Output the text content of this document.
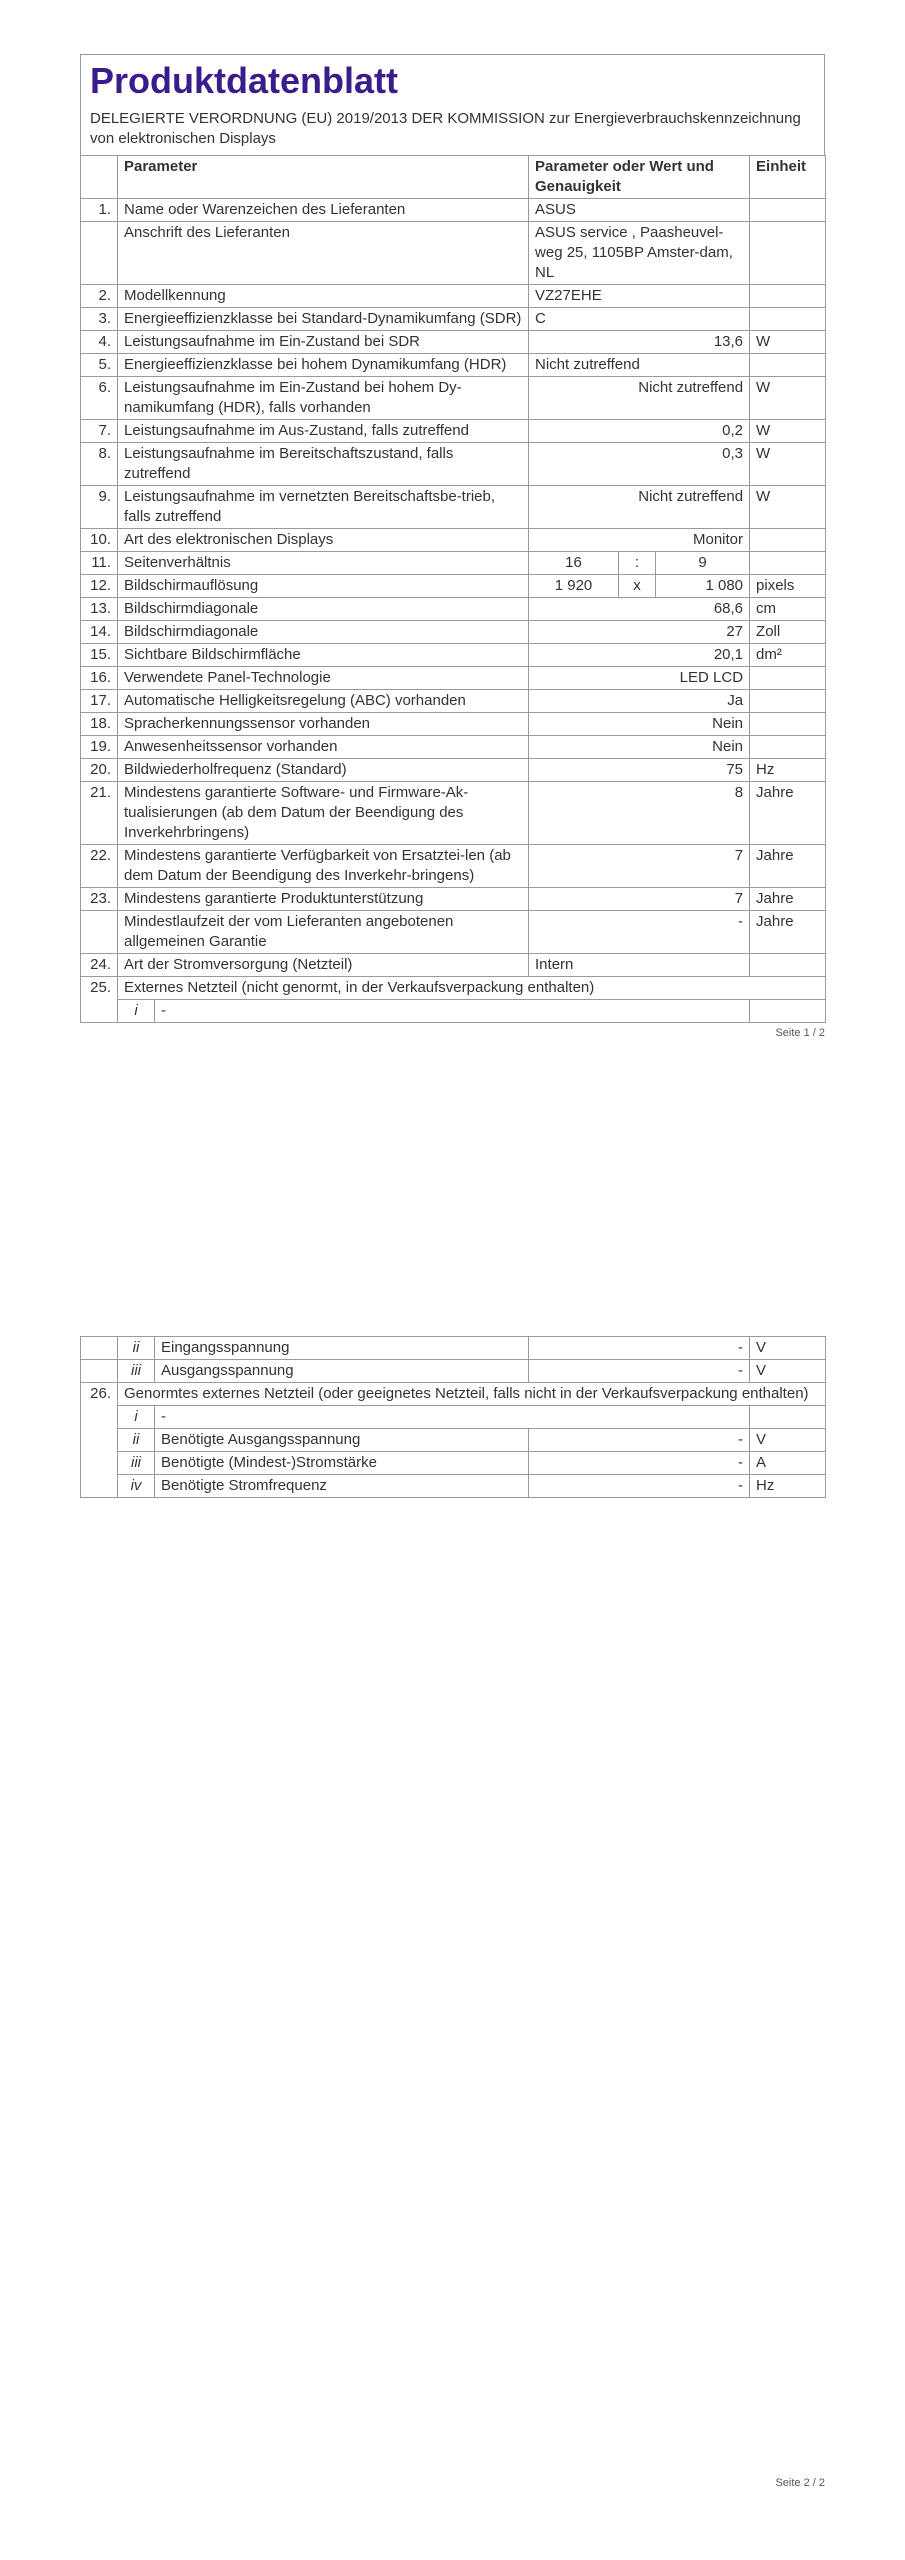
Produktdatenblatt
DELEGIERTE VERORDNUNG (EU) 2019/2013 DER KOMMISSION zur Energieverbrauchskennzeichnung von elektronischen Displays
	Parameter		Parameter oder Wert und Genauigkeit			Einheit
1.	Name oder Warenzeichen des Lieferanten		ASUS			
	Anschrift des Lieferanten		ASUS service , Paasheuvel-weg 25, 1105BP Amster-dam, NL			
2.	Modellkennung		VZ27EHE			
3.	Energieeffizienzklasse bei Standard-Dynamikumfang (SDR)		C			
4.	Leistungsaufnahme im Ein-Zustand bei SDR		13,6			W
5.	Energieeffizienzklasse bei hohem Dynamikumfang (HDR)		Nicht zutreffend			
6.	Leistungsaufnahme im Ein-Zustand bei hohem Dy-namikumfang (HDR), falls vorhanden		Nicht zutreffend			W
7.	Leistungsaufnahme im Aus-Zustand, falls zutreffend		0,2			W
8.	Leistungsaufnahme im Bereitschaftszustand, falls zutreffend		0,3			W
9.	Leistungsaufnahme im vernetzten Bereitschaftsbe-trieb, falls zutreffend		Nicht zutreffend			W
10.	Art des elektronischen Displays		Monitor			
11.	Seitenverhältnis		16	:	9	
12.	Bildschirmauflösung		1 920	x	1 080	pixels
13.	Bildschirmdiagonale		68,6			cm
14.	Bildschirmdiagonale		27			Zoll
15.	Sichtbare Bildschirmfläche		20,1			dm²
16.	Verwendete Panel-Technologie		LED LCD			
17.	Automatische Helligkeitsregelung (ABC) vorhanden		Ja			
18.	Spracherkennungssensor vorhanden		Nein			
19.	Anwesenheitssensor vorhanden		Nein			
20.	Bildwiederholfrequenz (Standard)		75			Hz
21.	Mindestens garantierte Software- und Firmware-Ak-tualisierungen (ab dem Datum der Beendigung des Inverkehrbringens)		8			Jahre
22.	Mindestens garantierte Verfügbarkeit von Ersatztei-len (ab dem Datum der Beendigung des Inverkehr-bringens)		7			Jahre
23.	Mindestens garantierte Produktunterstützung		7			Jahre
	Mindestlaufzeit der vom Lieferanten angebotenen allgemeinen Garantie		-			Jahre
24.	Art der Stromversorgung (Netzteil)		Intern			
25.	Externes Netzteil (nicht genormt, in der Verkaufsverpackung enthalten)					
	i	-				
Seite 1 / 2
	ii	Eingangsspannung	-	V
	iii	Ausgangsspannung	-	V
26.	Genormtes externes Netzteil (oder geeignetes Netzteil, falls nicht in der Verkaufsverpackung enthalten)			
	i	-		
	ii	Benötigte Ausgangsspannung	-	V
	iii	Benötigte (Mindest-)Stromstärke	-	A
	iv	Benötigte Stromfrequenz	-	Hz
Seite 2 / 2
